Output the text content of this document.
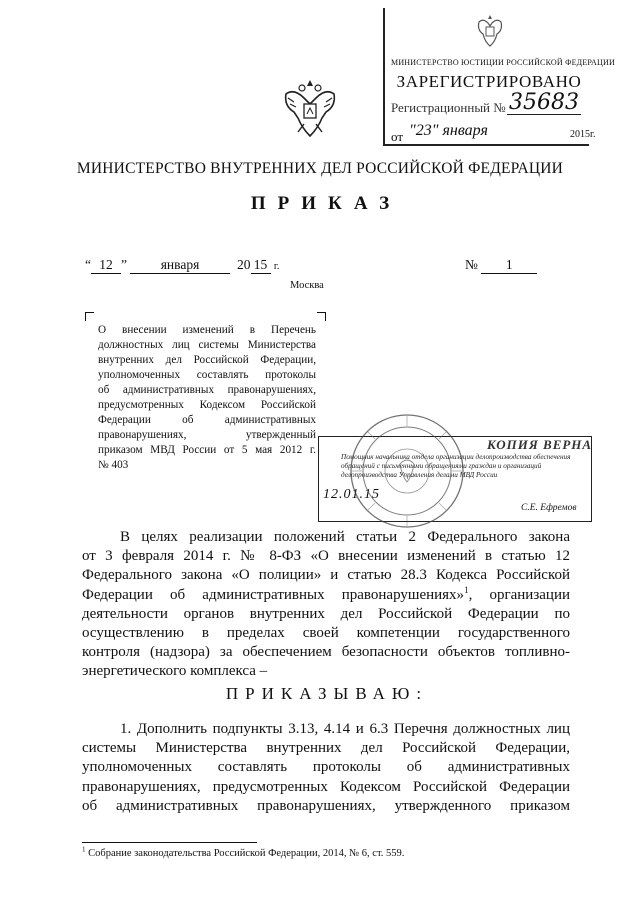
МИНИСТЕРСТВО ЮСТИЦИИ РОССИЙСКОЙ ФЕДЕРАЦИИ
ЗАРЕГИСТРИРОВАНО
Регистрационный № 35683
от "23" января	2015г.
МИНИСТЕРСТВО ВНУТРЕННИХ ДЕЛ РОССИЙСКОЙ ФЕДЕРАЦИИ
ПРИКАЗ
“ 12 ”	января	20 15 г.	№ 1
Москва
О внесении изменений в Перечень
должностных лиц системы Министерства
внутренних дел Российской Федерации,
уполномоченных составлять протоколы
об административных правонарушениях,
предусмотренных Кодексом Российской
Федерации об административных
правонарушениях, утвержденный
приказом МВД России от 5 мая 2012 г.
№ 403
КОПИЯ ВЕРНА
Помощник начальника отдела организации делопроизводства обеспечения обращений с письменными обращениями граждан и организаций делопроизводства Управления делами МВД России
12.01.15
С.Е. Ефремов
В целях реализации положений статьи 2 Федерального закона
от 3 февраля 2014 г. № 8-ФЗ «О внесении изменений в статью 12
Федерального закона «О полиции» и статью 28.3 Кодекса Российской
Федерации об административных правонарушениях»$^1$, организации
деятельности органов внутренних дел Российской Федерации по
осуществлению в пределах своей компетенции государственного
контроля (надзора) за обеспечением безопасности объектов топливно-
энергетического комплекса –
ПРИКАЗЫВАЮ:
1. Дополнить подпункты 3.13, 4.14 и 6.3 Перечня должностных лиц
системы Министерства внутренних дел Российской Федерации,
уполномоченных составлять протоколы об административных
правонарушениях, предусмотренных Кодексом Российской Федерации
об административных правонарушениях, утвержденного приказом
$^1$ Собрание законодательства Российской Федерации, 2014, № 6, ст. 559.
